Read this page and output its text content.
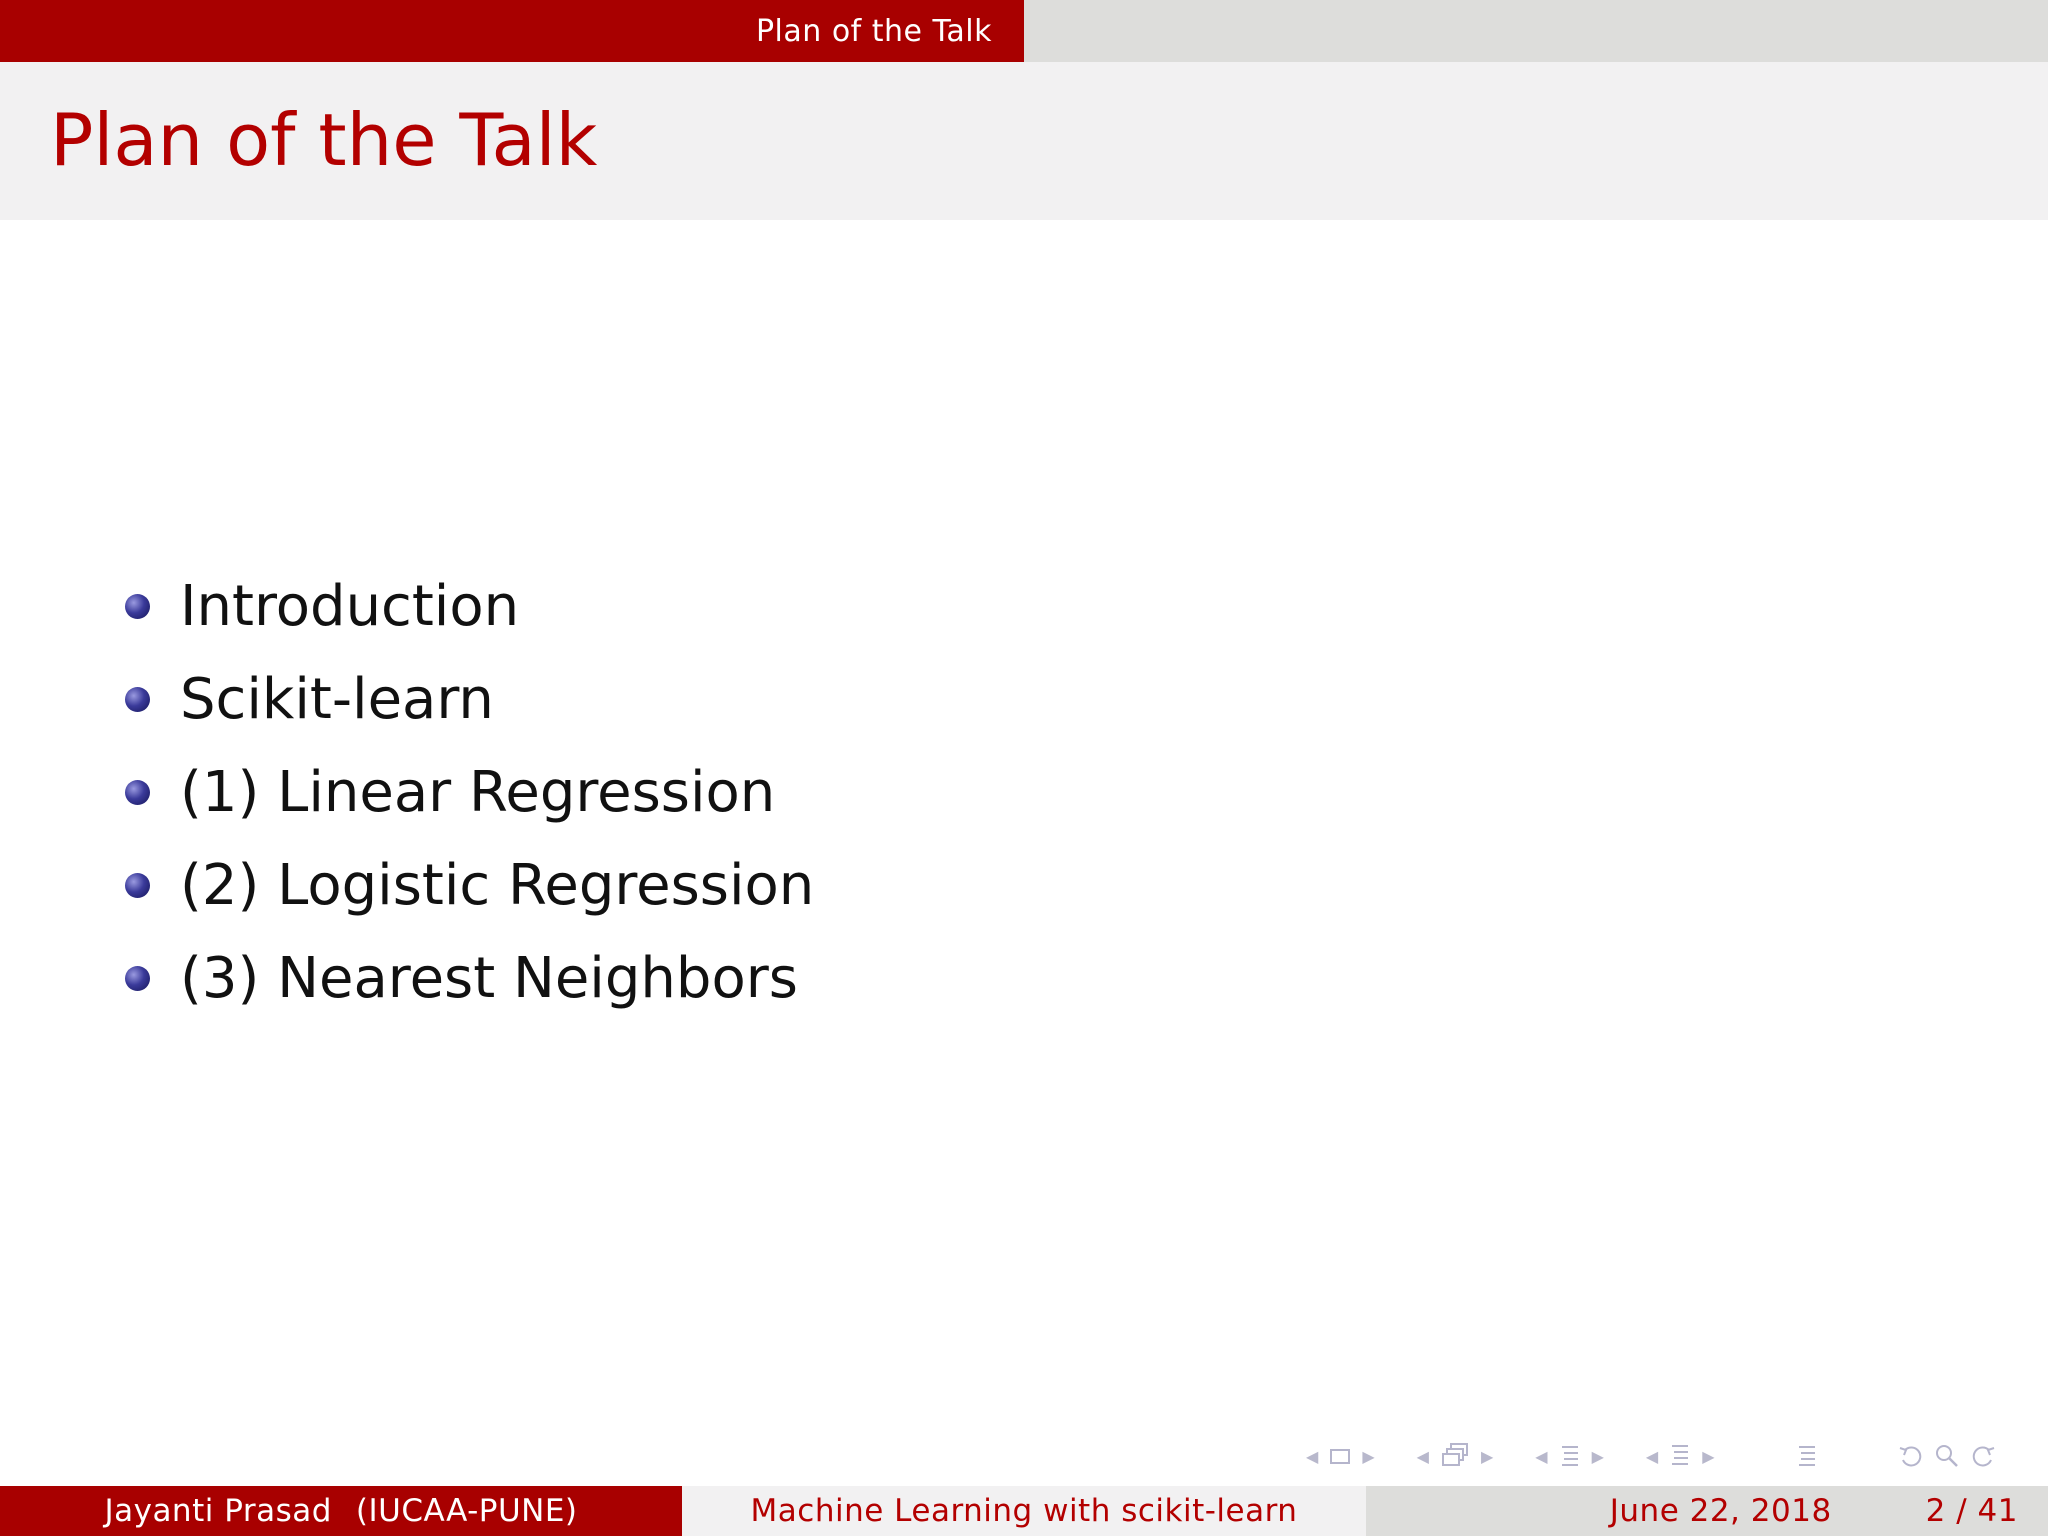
Plan of the Talk
Plan of the Talk
Introduction
Scikit-learn
(1) Linear Regression
(2) Logistic Regression
(3) Nearest Neighbors
◀	▶	◀	▶	◀	▶	◀	▶
Jayanti Prasad (IUCAA-PUNE)	Machine Learning with scikit-learn	June 22, 2018	2 / 41
